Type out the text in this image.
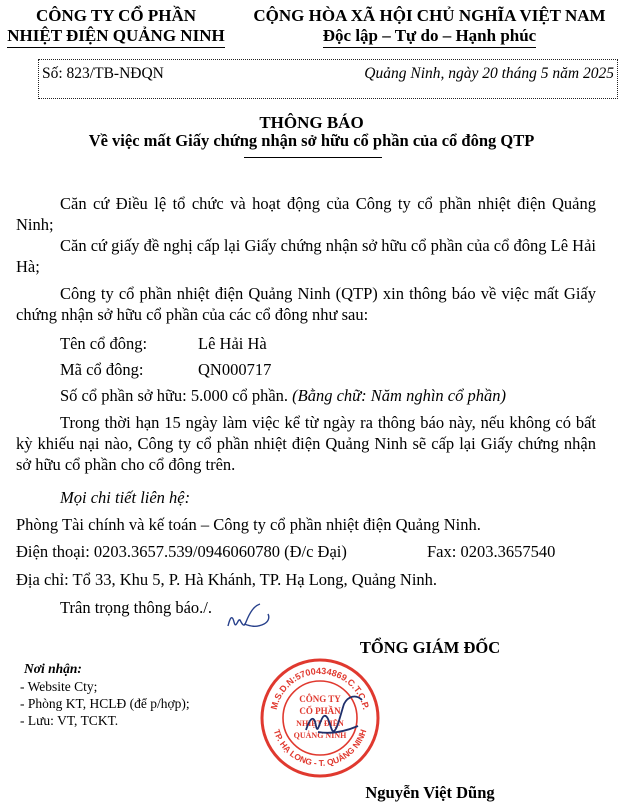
CÔNG TY CỔ PHẦN
NHIỆT ĐIỆN QUẢNG NINH
CỘNG HÒA XÃ HỘI CHỦ NGHĨA VIỆT NAM
Độc lập – Tự do – Hạnh phúc
Số: 823/TB-NĐQN	Quảng Ninh, ngày 20 tháng 5 năm 2025
THÔNG BÁO
Về việc mất Giấy chứng nhận sở hữu cổ phần của cổ đông QTP
Căn cứ Điều lệ tổ chức và hoạt động của Công ty cổ phần nhiệt điện Quảng Ninh;
Căn cứ giấy đề nghị cấp lại Giấy chứng nhận sở hữu cổ phần của cổ đông Lê Hải Hà;
Công ty cổ phần nhiệt điện Quảng Ninh (QTP) xin thông báo về việc mất Giấy chứng nhận sở hữu cổ phần của các cổ đông như sau:
Tên cổ đông:	Lê Hải Hà
Mã cổ đông:	QN000717
Số cổ phần sở hữu: 5.000 cổ phần. (Bằng chữ: Năm nghìn cổ phần)
Trong thời hạn 15 ngày làm việc kể từ ngày ra thông báo này, nếu không có bất kỳ khiếu nại nào, Công ty cổ phần nhiệt điện Quảng Ninh sẽ cấp lại Giấy chứng nhận sở hữu cổ phần cho cổ đông trên.
Mọi chi tiết liên hệ:
Phòng Tài chính và kế toán – Công ty cổ phần nhiệt điện Quảng Ninh.
Điện thoại: 0203.3657.539/0946060780 (Đ/c Đại)	Fax: 0203.3657540
Địa chỉ: Tổ 33, Khu 5, P. Hà Khánh, TP. Hạ Long, Quảng Ninh.
Trân trọng thông báo./.
Nơi nhận:
- Website Cty;
- Phòng KT, HCLĐ (để p/hợp);
- Lưu: VT, TCKT.
TỔNG GIÁM ĐỐC
M.S.D.N:5700434869.C.T.C.P.
TP. HẠ LONG - T. QUẢNG NINH
CÔNG TY
CỔ PHẦN
NHIỆT ĐIỆN
QUẢNG NINH
Nguyễn Việt Dũng
